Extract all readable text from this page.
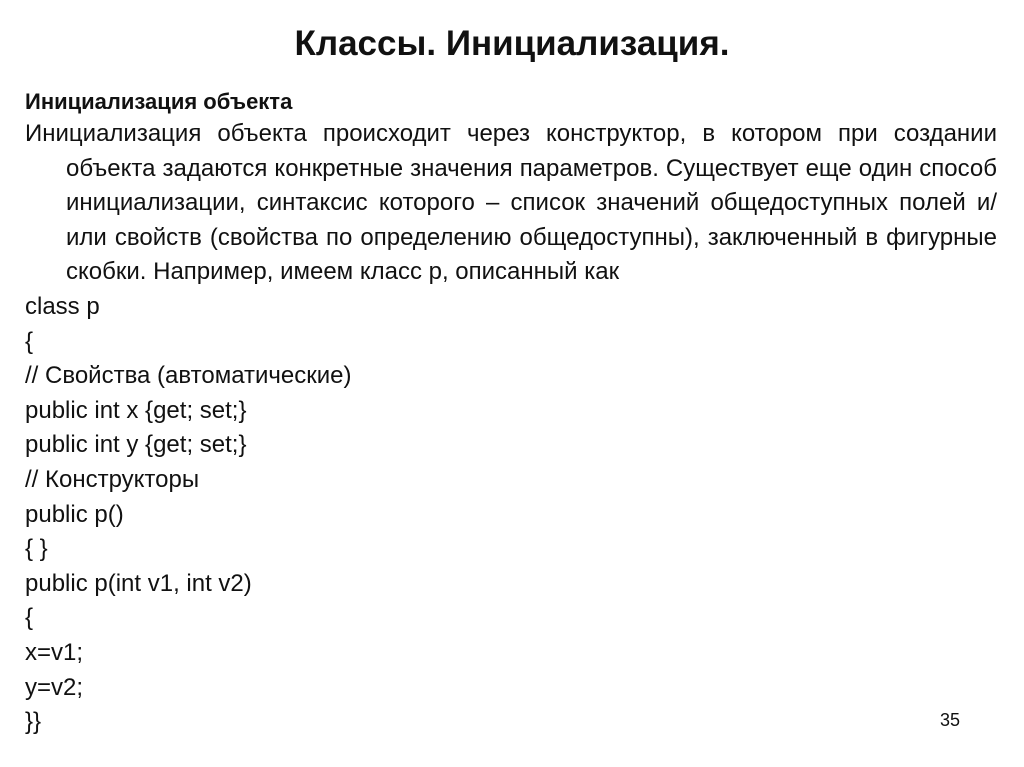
Классы. Инициализация.

Инициализация объекта

Инициализация объекта происходит через конструктор, в котором при создании объекта задаются конкретные значения параметров. Существует еще один способ инициализации, синтаксис которого – список значений общедоступных полей и/или свойств (свойства по определению общедоступны), заключенный в фигурные скобки. Например, имеем класс p, описанный как

class p

{

// Свойства (автоматические)

public int x {get; set;}

public int y {get; set;}

// Конструкторы

public p()

{ }

public p(int v1, int v2)

{

x=v1;

y=v2;

}}	35
